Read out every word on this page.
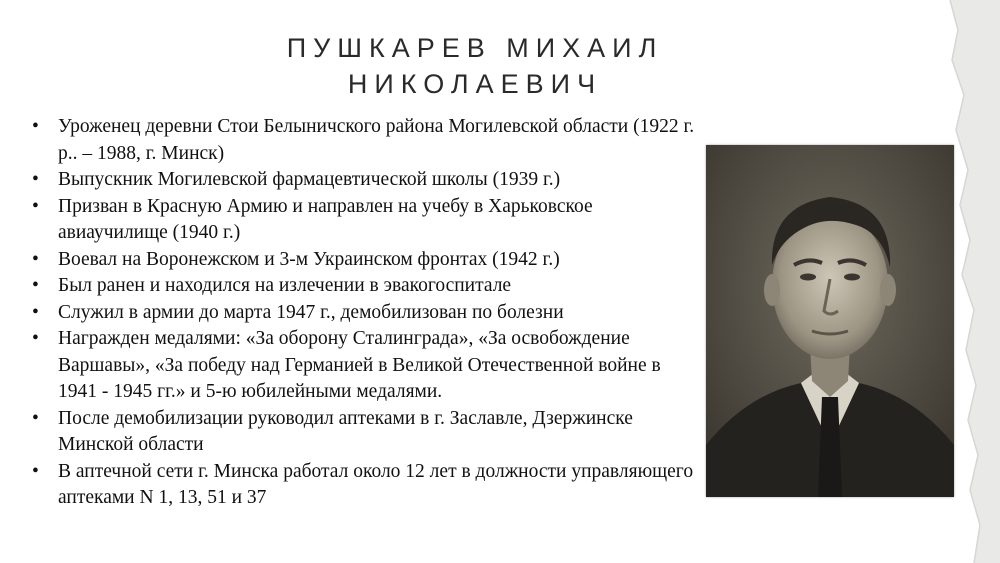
ПУШКАРЕВ МИХАИЛ
НИКОЛАЕВИЧ
• Уроженец деревни Стои Белыничского района Могилевской области (1922 г. р.. – 1988, г. Минск)
• Выпускник Могилевской фармацевтической школы (1939 г.)
• Призван в Красную Армию и направлен на учебу в Харьковское авиаучилище (1940 г.)
• Воевал на Воронежском и 3-м Украинском фронтах (1942 г.)
• Был ранен и находился на излечении в эвакогоспитале
• Служил в армии до марта 1947 г., демобилизован по болезни
• Награжден медалями: «За оборону Сталинграда», «За освобождение Варшавы», «За победу над Германией в Великой Отечественной войне в 1941 - 1945 гг.» и 5-ю юбилейными медалями.
• После демобилизации руководил аптеками в г. Заславле, Дзержинске Минской области
• В аптечной сети г. Минска работал около 12 лет в должности управляющего аптеками N 1, 13, 51 и 37
